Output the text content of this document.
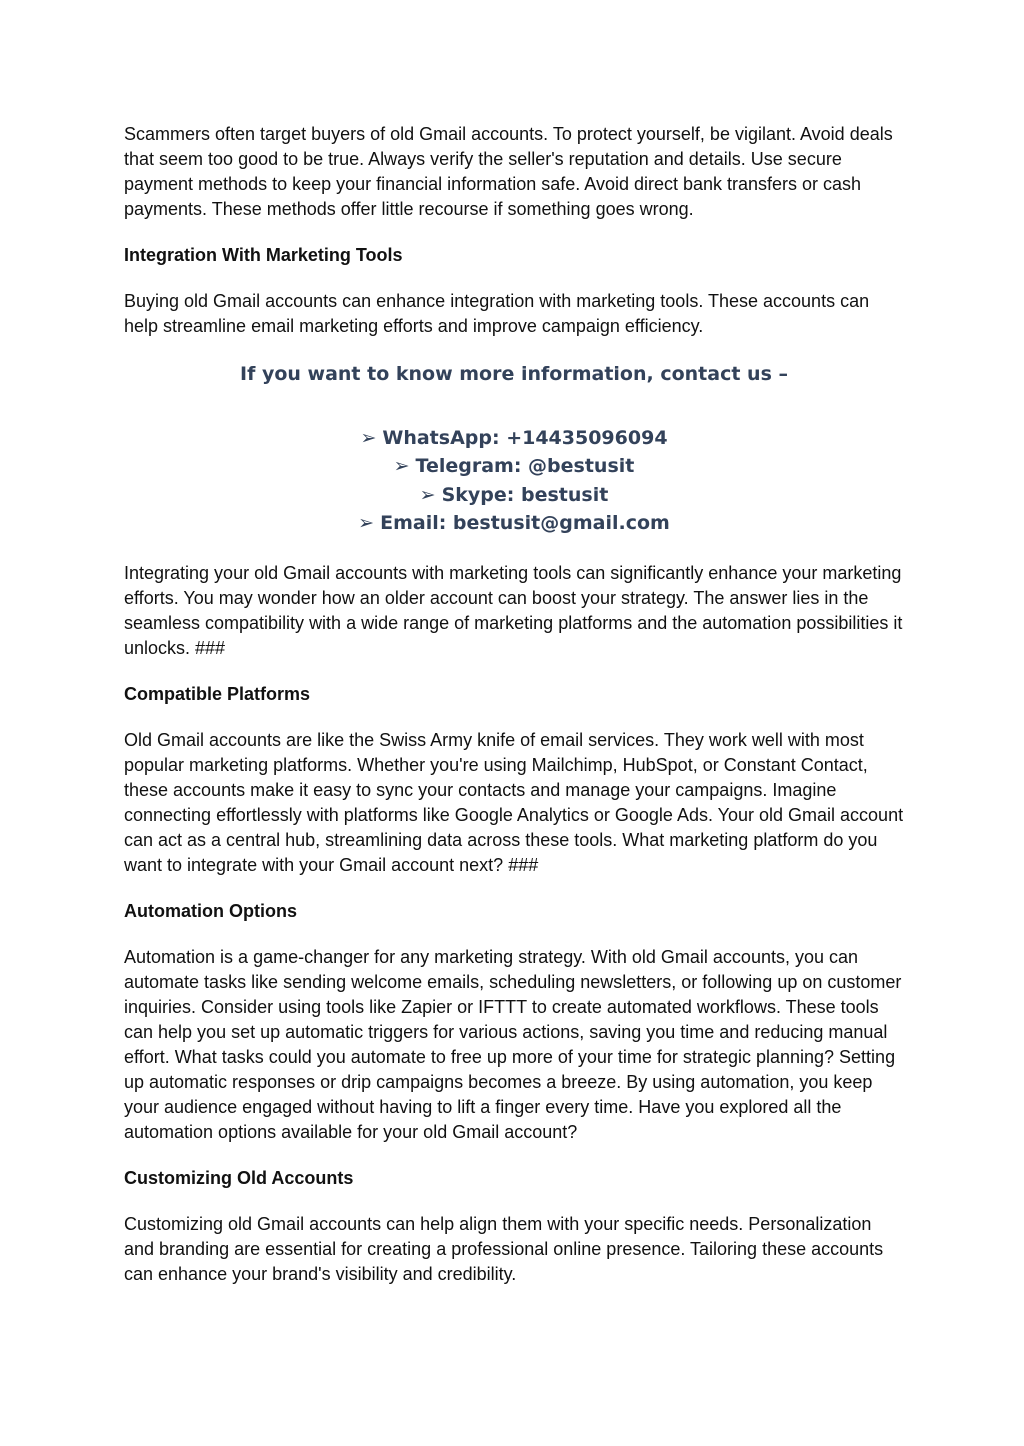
Scammers often target buyers of old Gmail accounts. To protect yourself, be vigilant. Avoid deals that seem too good to be true. Always verify the seller's reputation and details. Use secure payment methods to keep your financial information safe. Avoid direct bank transfers or cash payments. These methods offer little recourse if something goes wrong.

Integration With Marketing Tools

Buying old Gmail accounts can enhance integration with marketing tools. These accounts can help streamline email marketing efforts and improve campaign efficiency.

If you want to know more information, contact us –
➢ WhatsApp: +14435096094
➢ Telegram: @bestusit
➢ Skype: bestusit
➢ Email: bestusit@gmail.com

Integrating your old Gmail accounts with marketing tools can significantly enhance your marketing efforts. You may wonder how an older account can boost your strategy. The answer lies in the seamless compatibility with a wide range of marketing platforms and the automation possibilities it unlocks. ###

Compatible Platforms

Old Gmail accounts are like the Swiss Army knife of email services. They work well with most popular marketing platforms. Whether you're using Mailchimp, HubSpot, or Constant Contact, these accounts make it easy to sync your contacts and manage your campaigns. Imagine connecting effortlessly with platforms like Google Analytics or Google Ads. Your old Gmail account can act as a central hub, streamlining data across these tools. What marketing platform do you want to integrate with your Gmail account next? ###

Automation Options

Automation is a game-changer for any marketing strategy. With old Gmail accounts, you can automate tasks like sending welcome emails, scheduling newsletters, or following up on customer inquiries. Consider using tools like Zapier or IFTTT to create automated workflows. These tools can help you set up automatic triggers for various actions, saving you time and reducing manual effort. What tasks could you automate to free up more of your time for strategic planning? Setting up automatic responses or drip campaigns becomes a breeze. By using automation, you keep your audience engaged without having to lift a finger every time. Have you explored all the automation options available for your old Gmail account?

Customizing Old Accounts

Customizing old Gmail accounts can help align them with your specific needs. Personalization and branding are essential for creating a professional online presence. Tailoring these accounts can enhance your brand's visibility and credibility.
